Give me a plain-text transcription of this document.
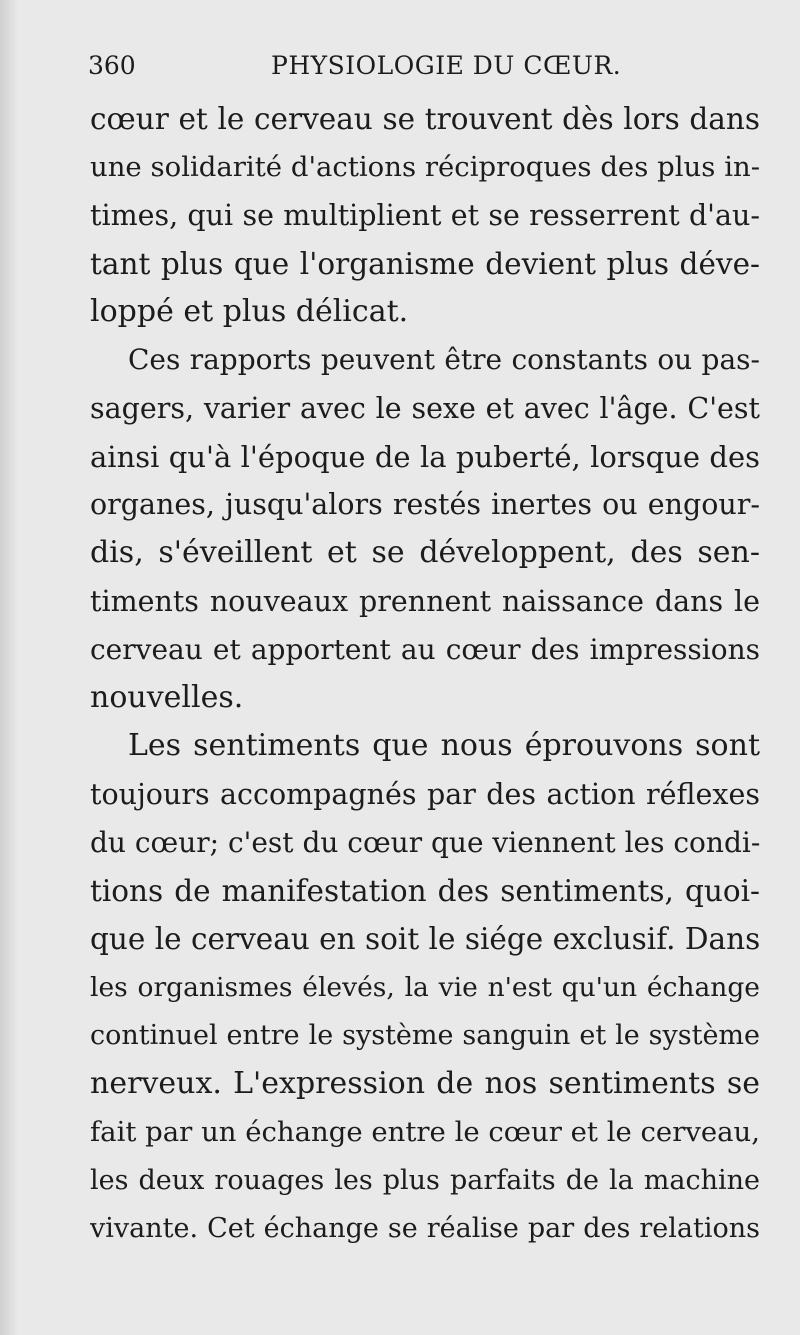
360	PHYSIOLOGIE DU CŒUR.
cœur et le cerveau se trouvent dès lors dans
une solidarité d'actions réciproques des plus in-
times, qui se multiplient et se resserrent d'au-
tant plus que l'organisme devient plus déve-
loppé et plus délicat.
Ces rapports peuvent être constants ou pas-
sagers, varier avec le sexe et avec l'âge. C'est
ainsi qu'à l'époque de la puberté, lorsque des
organes, jusqu'alors restés inertes ou engour-
dis, s'éveillent et se développent, des sen-
timents nouveaux prennent naissance dans le
cerveau et apportent au cœur des impressions
nouvelles.
Les sentiments que nous éprouvons sont
toujours accompagnés par des action réflexes
du cœur; c'est du cœur que viennent les condi-
tions de manifestation des sentiments, quoi-
que le cerveau en soit le siége exclusif. Dans
les organismes élevés, la vie n'est qu'un échange
continuel entre le système sanguin et le système
nerveux. L'expression de nos sentiments se
fait par un échange entre le cœur et le cerveau,
les deux rouages les plus parfaits de la machine
vivante. Cet échange se réalise par des relations
